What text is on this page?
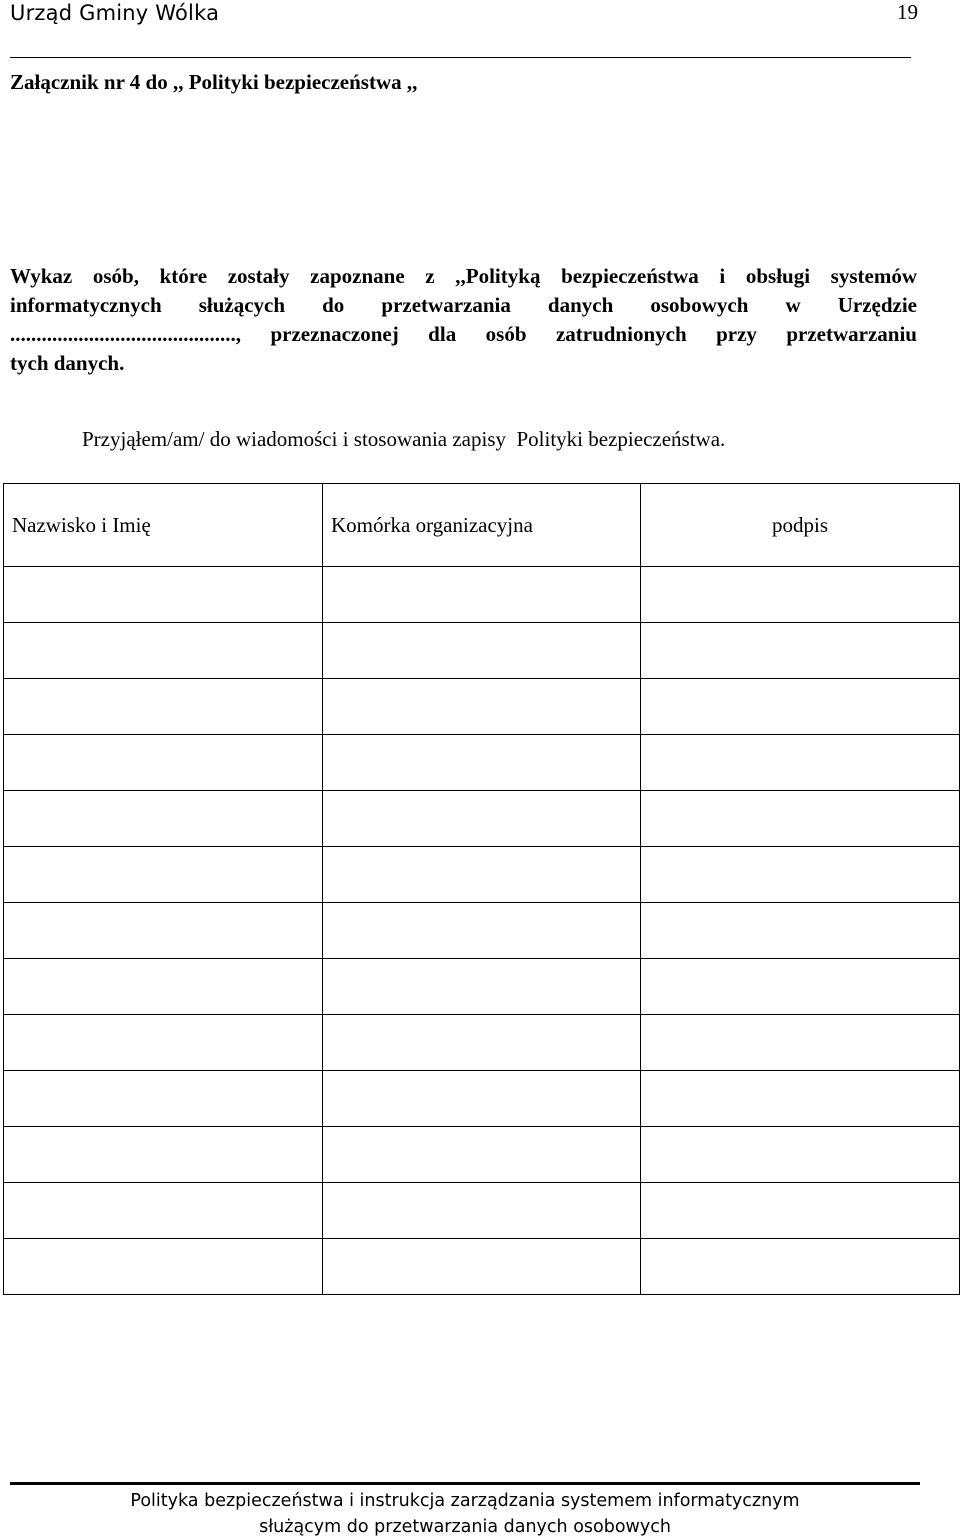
Urząd Gminy Wólka	19
Załącznik nr 4 do ,, Polityki bezpieczeństwa ,,
Wykaz osób, które zostały zapoznane z ,,Polityką bezpieczeństwa i obsługi systemów
informatycznych służących do przetwarzania danych osobowych w Urzędzie
..........................................., przeznaczonej dla osób zatrudnionych przy przetwarzaniu
tych danych.
Przyjąłem/am/ do wiadomości i stosowania zapisy  Polityki bezpieczeństwa.
Nazwisko i Imię	Komórka organizacyjna	podpis

Polityka bezpieczeństwa i instrukcja zarządzania systemem informatycznym
służącym do przetwarzania danych osobowych
